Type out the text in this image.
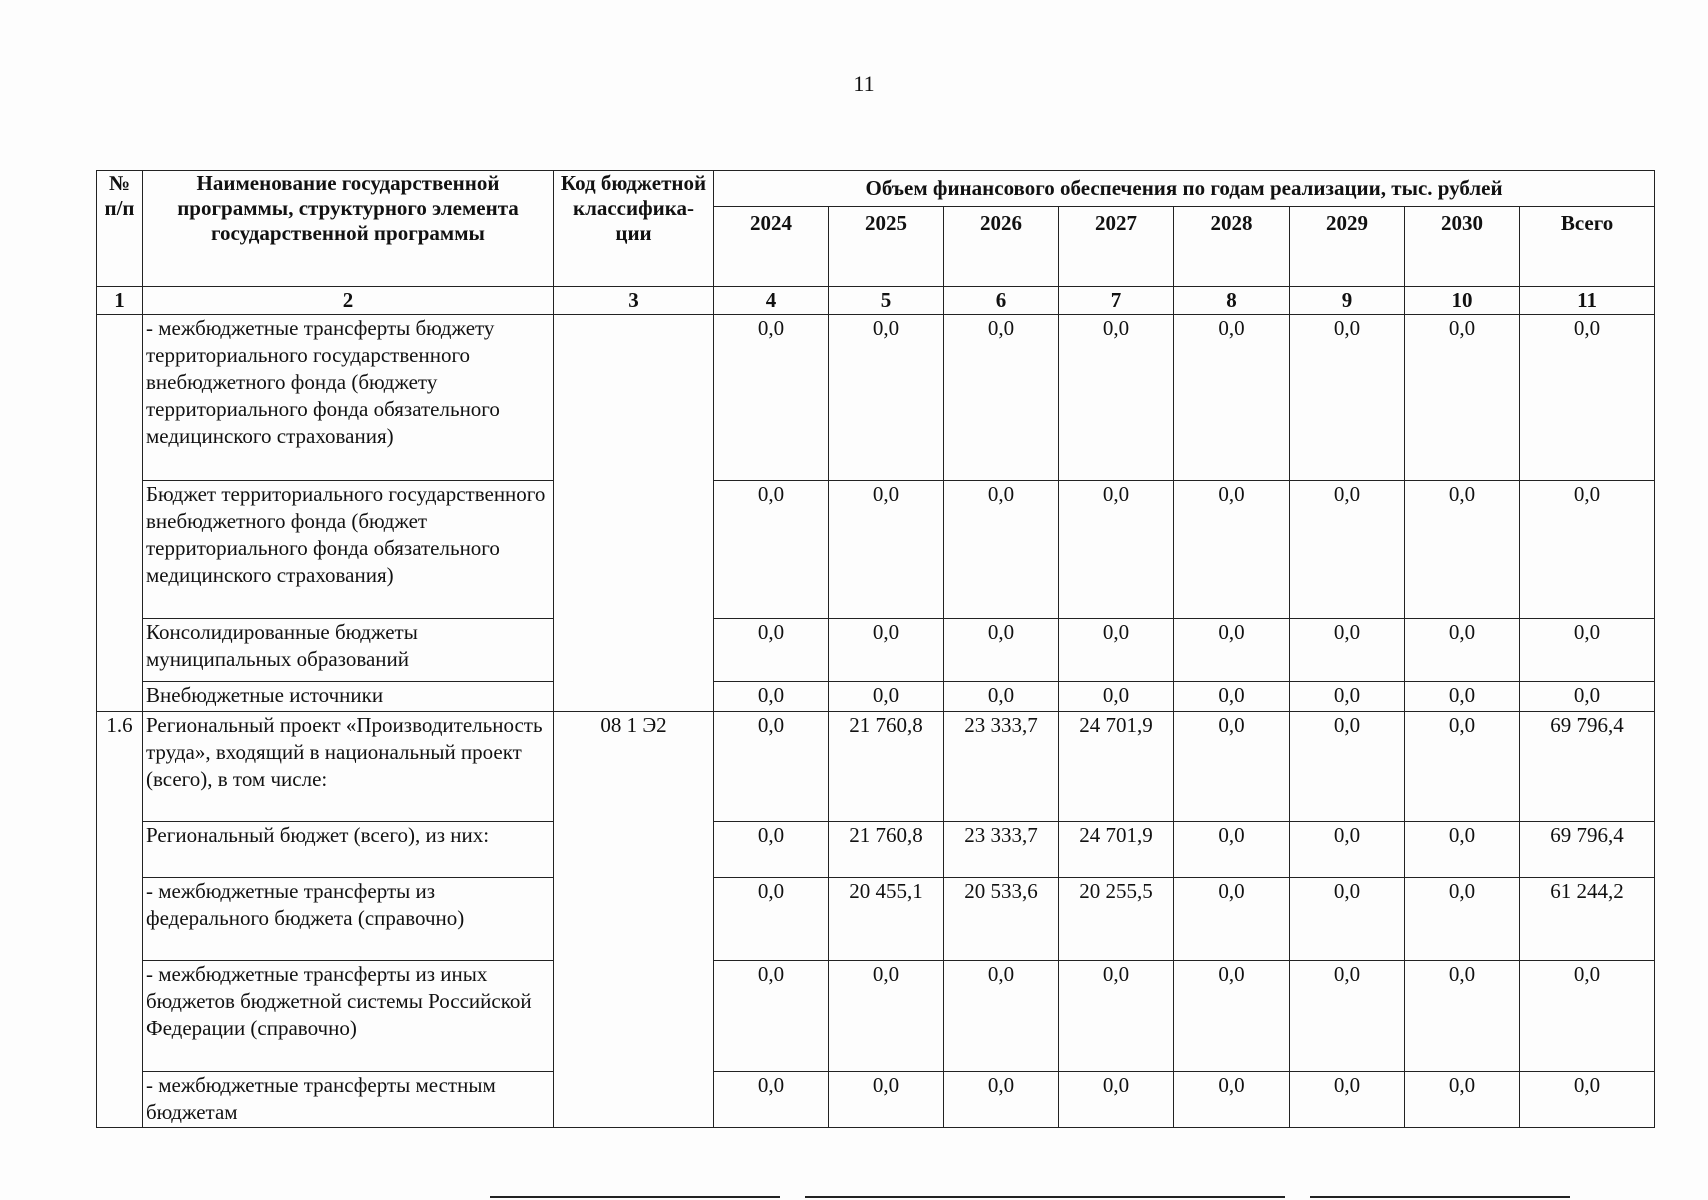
11
№ п/п	Наименование государственной программы, структурного элемента государственной программы	Код бюджетной классифика-ции	Объем финансового обеспечения по годам реализации, тыс. рублей							
			2024	2025	2026	2027	2028	2029	2030	Всего
1	2	3	4	5	6	7	8	9	10	11
	- межбюджетные трансферты бюджету территориального государственного внебюджетного фонда (бюджету территориального фонда обязательного медицинского страхования)		0,0	0,0	0,0	0,0	0,0	0,0	0,0	0,0
	Бюджет территориального государственного внебюджетного фонда (бюджет территориального фонда обязательного медицинского страхования)		0,0	0,0	0,0	0,0	0,0	0,0	0,0	0,0
	Консолидированные бюджеты муниципальных образований		0,0	0,0	0,0	0,0	0,0	0,0	0,0	0,0
	Внебюджетные источники		0,0	0,0	0,0	0,0	0,0	0,0	0,0	0,0
1.6	Региональный проект «Производительность труда», входящий в национальный проект (всего), в том числе:	08 1 Э2	0,0	21 760,8	23 333,7	24 701,9	0,0	0,0	0,0	69 796,4
	Региональный бюджет (всего), из них:		0,0	21 760,8	23 333,7	24 701,9	0,0	0,0	0,0	69 796,4
	- межбюджетные трансферты из федерального бюджета (справочно)		0,0	20 455,1	20 533,6	20 255,5	0,0	0,0	0,0	61 244,2
	- межбюджетные трансферты из иных бюджетов бюджетной системы Российской Федерации (справочно)		0,0	0,0	0,0	0,0	0,0	0,0	0,0	0,0
	- межбюджетные трансферты местным бюджетам		0,0	0,0	0,0	0,0	0,0	0,0	0,0	0,0
